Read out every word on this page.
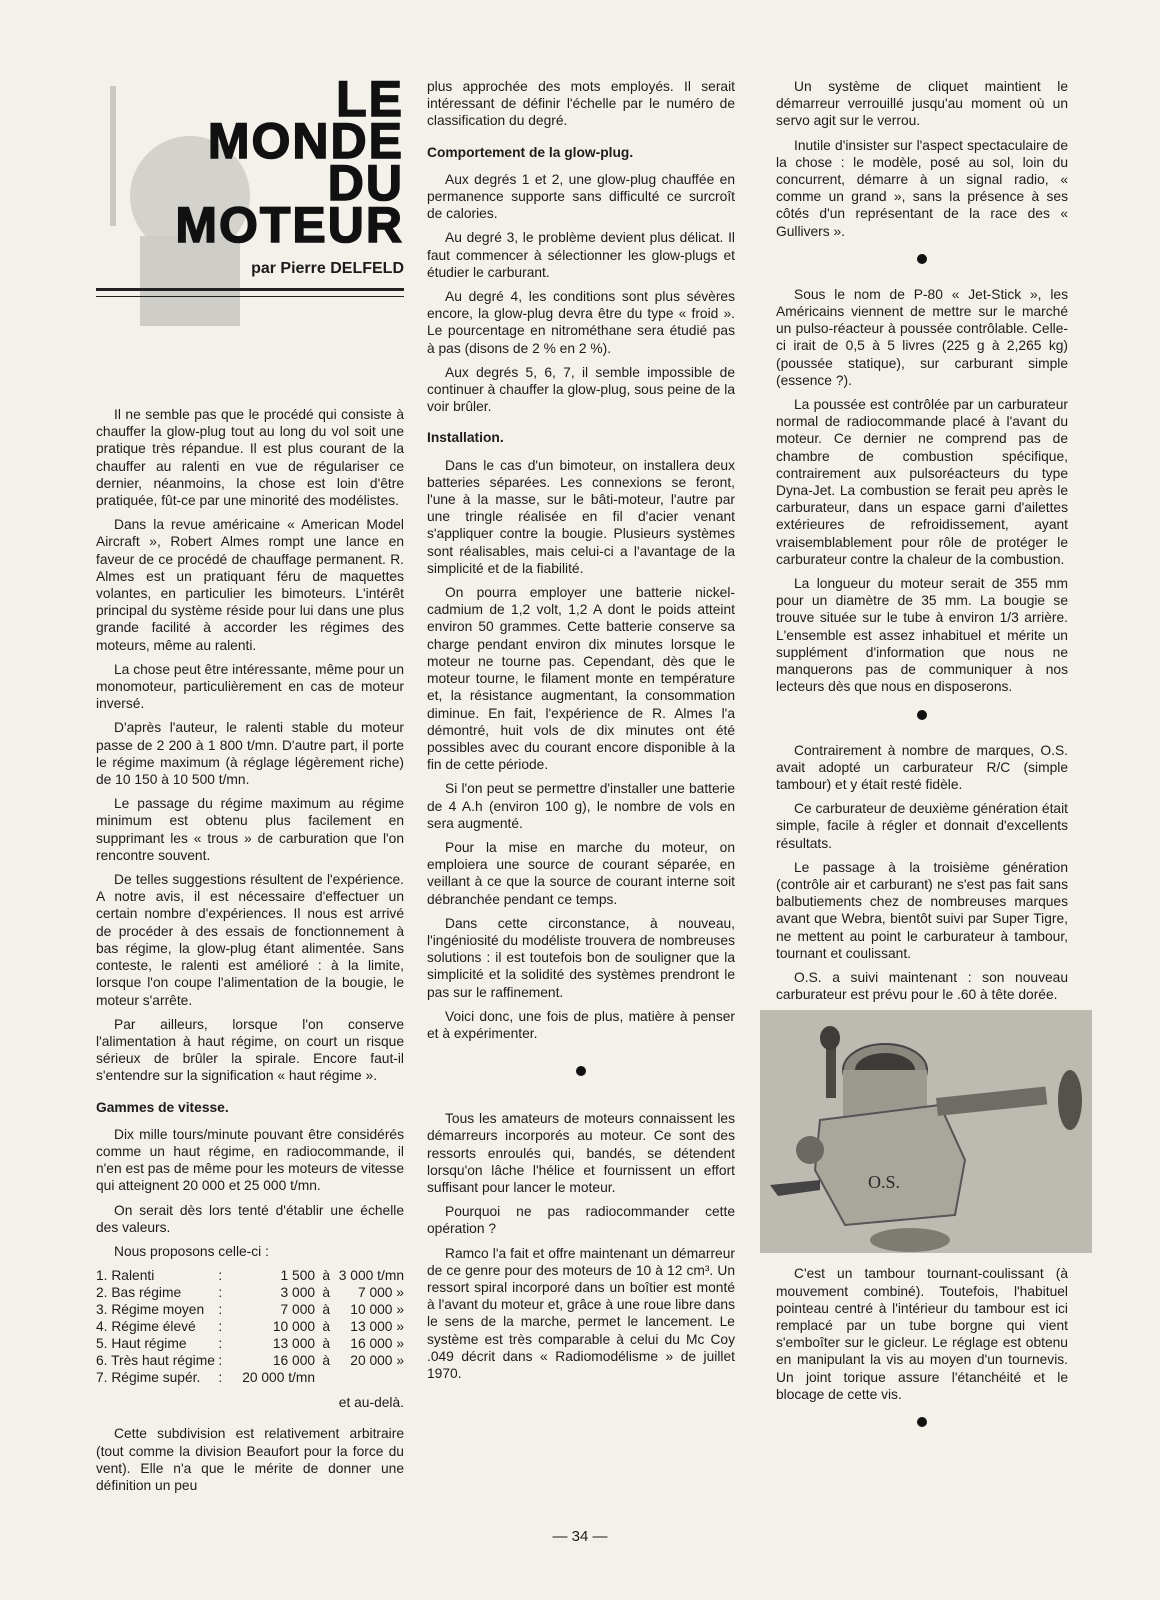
LE
MONDE
DU
MOTEUR
par Pierre DELFELD

Il ne semble pas que le procédé qui consiste à chauffer la glow-plug tout au long du vol soit une pratique très répandue. Il est plus courant de la chauffer au ralenti en vue de régulariser ce dernier, néanmoins, la chose est loin d'être pratiquée, fût-ce par une minorité des modélistes.

Dans la revue américaine « American Model Aircraft », Robert Almes rompt une lance en faveur de ce procédé de chauffage permanent. R. Almes est un pratiquant féru de maquettes volantes, en particulier les bimoteurs. L'intérêt principal du système réside pour lui dans une plus grande facilité à accorder les régimes des moteurs, même au ralenti.

La chose peut être intéressante, même pour un monomoteur, particulièrement en cas de moteur inversé.

D'après l'auteur, le ralenti stable du moteur passe de 2 200 à 1 800 t/mn. D'autre part, il porte le régime maximum (à réglage légèrement riche) de 10 150 à 10 500 t/mn.

Le passage du régime maximum au régime minimum est obtenu plus facilement en supprimant les « trous » de carburation que l'on rencontre souvent.

De telles suggestions résultent de l'expérience. A notre avis, il est nécessaire d'effectuer un certain nombre d'expériences. Il nous est arrivé de procéder à des essais de fonctionnement à bas régime, la glow-plug étant alimentée. Sans conteste, le ralenti est amélioré : à la limite, lorsque l'on coupe l'alimentation de la bougie, le moteur s'arrête.

Par ailleurs, lorsque l'on conserve l'alimentation à haut régime, on court un risque sérieux de brûler la spirale. Encore faut-il s'entendre sur la signification « haut régime ».

Gammes de vitesse.

Dix mille tours/minute pouvant être considérés comme un haut régime, en radiocommande, il n'en est pas de même pour les moteurs de vitesse qui atteignent 20 000 et 25 000 t/mn.

On serait dès lors tenté d'établir une échelle des valeurs.

Nous proposons celle-ci :

1. Ralenti	:	1 500	à	3 000 t/mn
2. Bas régime	:	3 000	à	7 000 »
3. Régime moyen	:	7 000	à	10 000 »
4. Régime élevé	:	10 000	à	13 000 »
5. Haut régime	:	13 000	à	16 000 »
6. Très haut régime	:	16 000	à	20 000 »
7. Régime supér.	:	20 000 t/mn		
et au-delà.

Cette subdivision est relativement arbitraire (tout comme la division Beaufort pour la force du vent). Elle n'a que le mérite de donner une définition un peu

plus approchée des mots employés. Il serait intéressant de définir l'échelle par le numéro de classification du degré.

Comportement de la glow-plug.

Aux degrés 1 et 2, une glow-plug chauffée en permanence supporte sans difficulté ce surcroît de calories.

Au degré 3, le problème devient plus délicat. Il faut commencer à sélectionner les glow-plugs et étudier le carburant.

Au degré 4, les conditions sont plus sévères encore, la glow-plug devra être du type « froid ». Le pourcentage en nitrométhane sera étudié pas à pas (disons de 2 % en 2 %).

Aux degrés 5, 6, 7, il semble impossible de continuer à chauffer la glow-plug, sous peine de la voir brûler.

Installation.

Dans le cas d'un bimoteur, on installera deux batteries séparées. Les connexions se feront, l'une à la masse, sur le bâti-moteur, l'autre par une tringle réalisée en fil d'acier venant s'appliquer contre la bougie. Plusieurs systèmes sont réalisables, mais celui-ci a l'avantage de la simplicité et de la fiabilité.

On pourra employer une batterie nickel-cadmium de 1,2 volt, 1,2 A dont le poids atteint environ 50 grammes. Cette batterie conserve sa charge pendant environ dix minutes lorsque le moteur ne tourne pas. Cependant, dès que le moteur tourne, le filament monte en température et, la résistance augmentant, la consommation diminue. En fait, l'expérience de R. Almes l'a démontré, huit vols de dix minutes ont été possibles avec du courant encore disponible à la fin de cette période.

Si l'on peut se permettre d'installer une batterie de 4 A.h (environ 100 g), le nombre de vols en sera augmenté.

Pour la mise en marche du moteur, on emploiera une source de courant séparée, en veillant à ce que la source de courant interne soit débranchée pendant ce temps.

Dans cette circonstance, à nouveau, l'ingéniosité du modéliste trouvera de nombreuses solutions : il est toutefois bon de souligner que la simplicité et la solidité des systèmes prendront le pas sur le raffinement.

Voici donc, une fois de plus, matière à penser et à expérimenter.

Tous les amateurs de moteurs connaissent les démarreurs incorporés au moteur. Ce sont des ressorts enroulés qui, bandés, se détendent lorsqu'on lâche l'hélice et fournissent un effort suffisant pour lancer le moteur.

Pourquoi ne pas radiocommander cette opération ?

Ramco l'a fait et offre maintenant un démarreur de ce genre pour des moteurs de 10 à 12 cm³. Un ressort spiral incorporé dans un boîtier est monté à l'avant du moteur et, grâce à une roue libre dans le sens de la marche, permet le lancement. Le système est très comparable à celui du Mc Coy .049 décrit dans « Radiomodélisme » de juillet 1970.

Un système de cliquet maintient le démarreur verrouillé jusqu'au moment où un servo agit sur le verrou.

Inutile d'insister sur l'aspect spectaculaire de la chose : le modèle, posé au sol, loin du concurrent, démarre à un signal radio, « comme un grand », sans la présence à ses côtés d'un représentant de la race des « Gullivers ».

Sous le nom de P-80 « Jet-Stick », les Américains viennent de mettre sur le marché un pulso-réacteur à poussée contrôlable. Celle-ci irait de 0,5 à 5 livres (225 g à 2,265 kg) (poussée statique), sur carburant simple (essence ?).

La poussée est contrôlée par un carburateur normal de radiocommande placé à l'avant du moteur. Ce dernier ne comprend pas de chambre de combustion spécifique, contrairement aux pulsoréacteurs du type Dyna-Jet. La combustion se ferait peu après le carburateur, dans un espace garni d'ailettes extérieures de refroidissement, ayant vraisemblablement pour rôle de protéger le carburateur contre la chaleur de la combustion.

La longueur du moteur serait de 355 mm pour un diamètre de 35 mm. La bougie se trouve située sur le tube à environ 1/3 arrière. L'ensemble est assez inhabituel et mérite un supplément d'information que nous ne manquerons pas de communiquer à nos lecteurs dès que nous en disposerons.

Contrairement à nombre de marques, O.S. avait adopté un carburateur R/C (simple tambour) et y était resté fidèle.

Ce carburateur de deuxième génération était simple, facile à régler et donnait d'excellents résultats.

Le passage à la troisième génération (contrôle air et carburant) ne s'est pas fait sans balbutiements chez de nombreuses marques avant que Webra, bientôt suivi par Super Tigre, ne mettent au point le carburateur à tambour, tournant et coulissant.

O.S. a suivi maintenant : son nouveau carburateur est prévu pour le .60 à tête dorée.

O.S.

C'est un tambour tournant-coulissant (à mouvement combiné). Toutefois, l'habituel pointeau centré à l'intérieur du tambour est ici remplacé par un tube borgne qui vient s'emboîter sur le gicleur. Le réglage est obtenu en manipulant la vis au moyen d'un tournevis. Un joint torique assure l'étanchéité et le blocage de cette vis.

— 34 —
